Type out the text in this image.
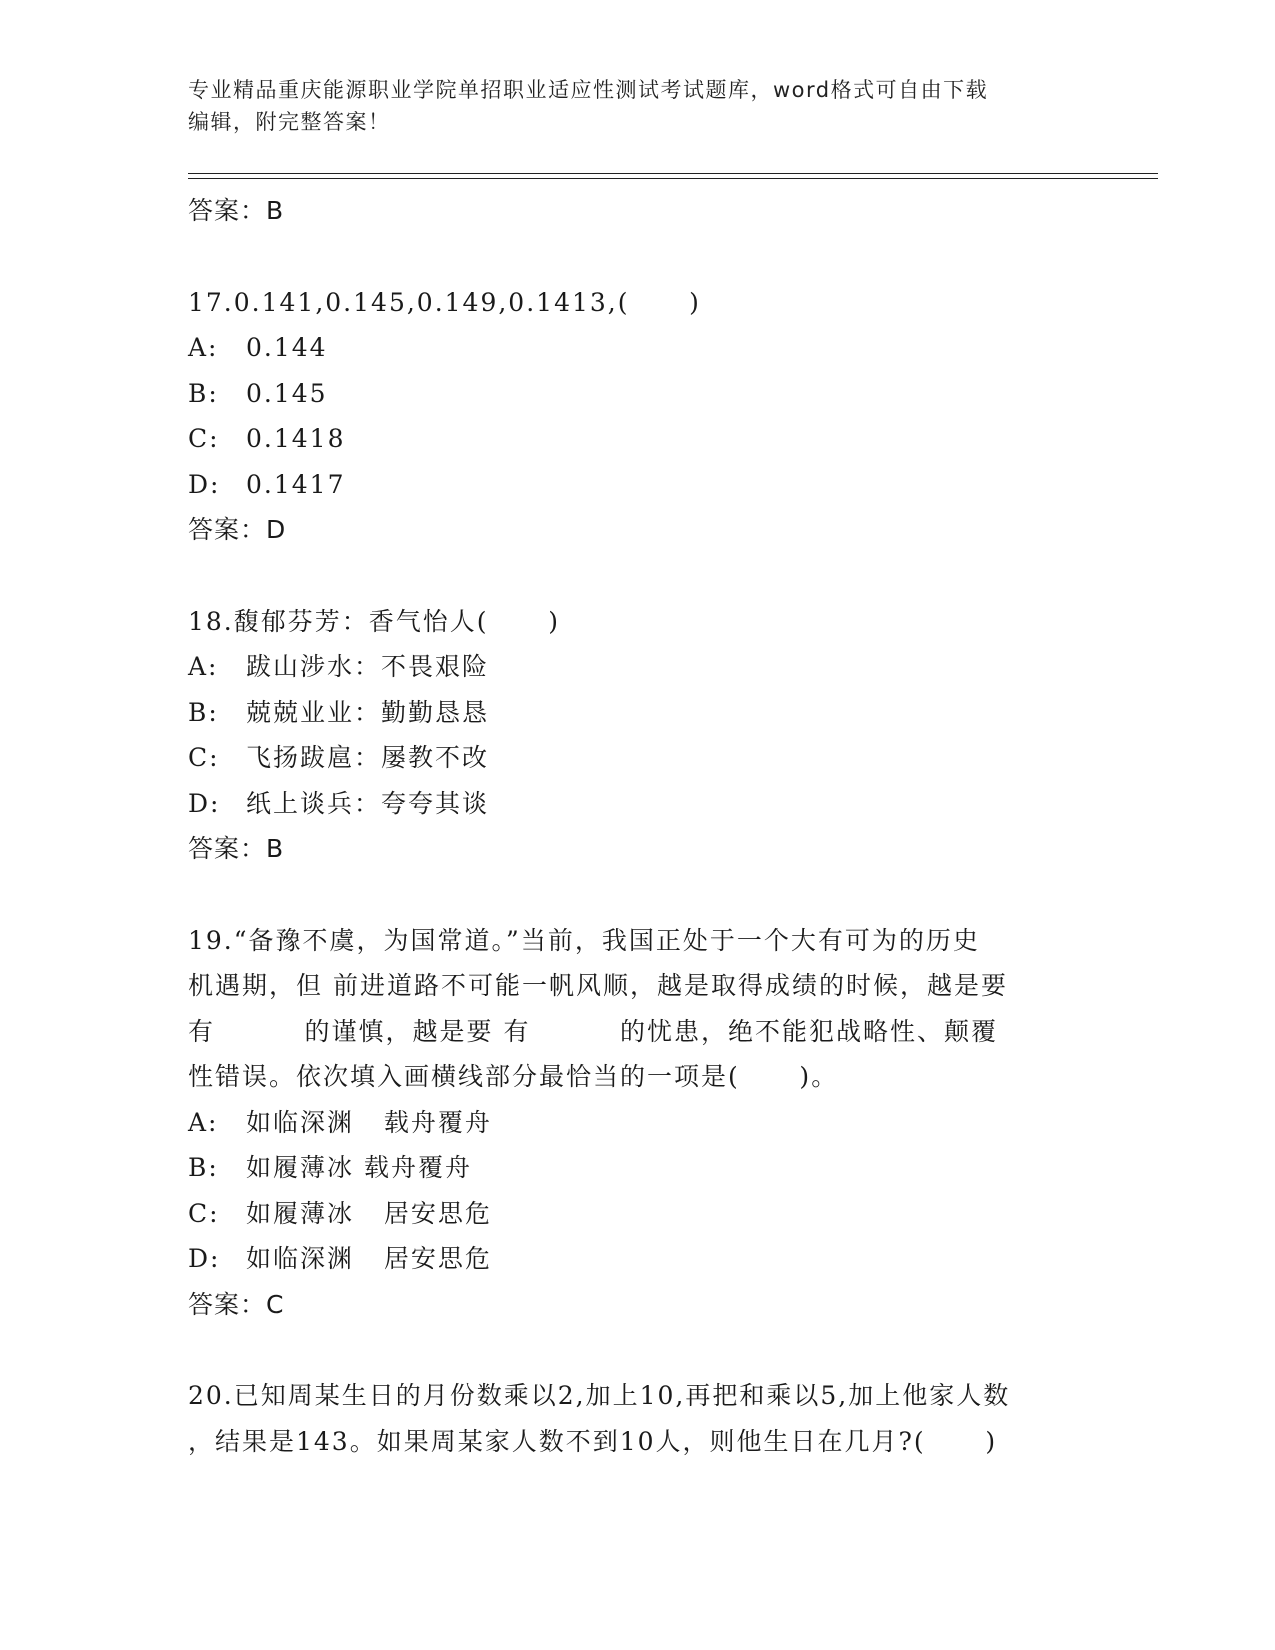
专业精品重庆能源职业学院单招职业适应性测试考试题库，word格式可自由下载
编辑，附完整答案！
答案：B
17.0.141,0.145,0.149,0.1413,(      )
A:	0.144
B:	0.145
C:	0.1418
D:	0.1417
答案：D
18.馥郁芬芳：香气怡人(      )
A:	跋山涉水：不畏艰险
B:	兢兢业业：勤勤恳恳
C:	飞扬跋扈：屡教不改
D:	纸上谈兵：夸夸其谈
答案：B
19.“备豫不虞，为国常道。”当前，我国正处于一个大有可为的历史
机遇期，但 前进道路不可能一帆风顺，越是取得成绩的时候，越是要
有         的谨慎，越是要 有         的忧患，绝不能犯战略性、颠覆
性错误。依次填入画横线部分最恰当的一项是(      )。
A:	如临深渊   载舟覆舟
B:	如履薄冰 载舟覆舟
C:	如履薄冰   居安思危
D:	如临深渊   居安思危
答案：C
20.已知周某生日的月份数乘以2,加上10,再把和乘以5,加上他家人数
，结果是143。如果周某家人数不到10人，则他生日在几月?(      )
